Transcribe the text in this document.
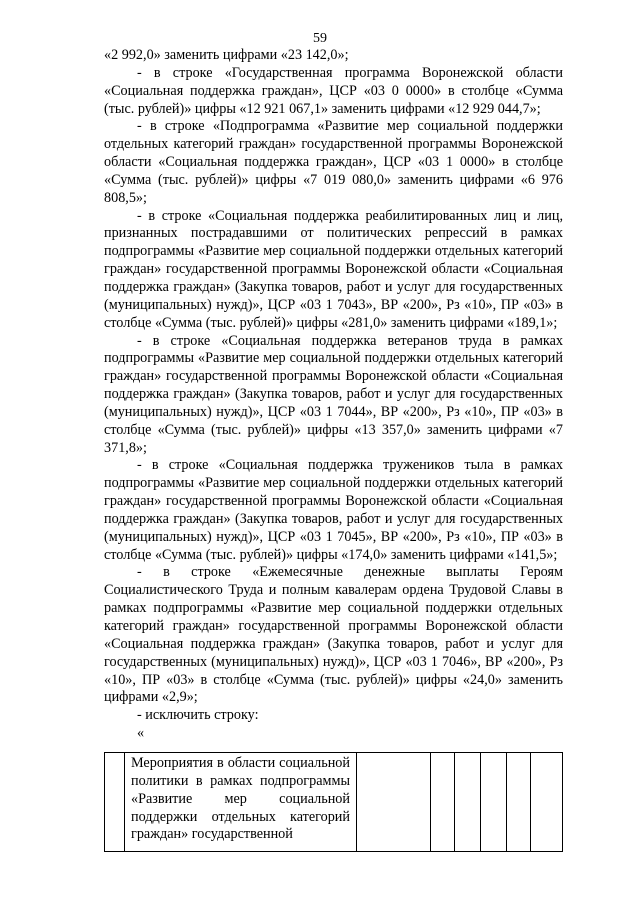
59

«2 992,0» заменить цифрами «23 142,0»;

- в строке «Государственная программа Воронежской области «Социальная поддержка граждан», ЦСР «03 0 0000» в столбце «Сумма (тыс. рублей)» цифры «12 921 067,1» заменить цифрами «12 929 044,7»;

- в строке «Подпрограмма «Развитие мер социальной поддержки отдельных категорий граждан» государственной программы Воронежской области «Социальная поддержка граждан», ЦСР «03 1 0000» в столбце «Сумма (тыс. рублей)» цифры «7 019 080,0» заменить цифрами «6 976 808,5»;

- в строке «Социальная поддержка реабилитированных лиц и лиц, признанных пострадавшими от политических репрессий в рамках подпрограммы «Развитие мер социальной поддержки отдельных категорий граждан» государственной программы Воронежской области «Социальная поддержка граждан» (Закупка товаров, работ и услуг для государственных (муниципальных) нужд)», ЦСР «03 1 7043», ВР «200», Рз «10», ПР «03» в столбце «Сумма (тыс. рублей)» цифры «281,0» заменить цифрами «189,1»;

- в строке «Социальная поддержка ветеранов труда в рамках подпрограммы «Развитие мер социальной поддержки отдельных категорий граждан» государственной программы Воронежской области «Социальная поддержка граждан» (Закупка товаров, работ и услуг для государственных (муниципальных) нужд)», ЦСР «03 1 7044», ВР «200», Рз «10», ПР «03» в столбце «Сумма (тыс. рублей)» цифры «13 357,0» заменить цифрами «7 371,8»;

- в строке «Социальная поддержка тружеников тыла в рамках подпрограммы «Развитие мер социальной поддержки отдельных категорий граждан» государственной программы Воронежской области «Социальная поддержка граждан» (Закупка товаров, работ и услуг для государственных (муниципальных) нужд)», ЦСР «03 1 7045», ВР «200», Рз «10», ПР «03» в столбце «Сумма (тыс. рублей)» цифры «174,0» заменить цифрами «141,5»;

- в строке «Ежемесячные денежные выплаты Героям Социалистического Труда и полным кавалерам ордена Трудовой Славы в рамках подпрограммы «Развитие мер социальной поддержки отдельных категорий граждан» государственной программы Воронежской области «Социальная поддержка граждан» (Закупка товаров, работ и услуг для государственных (муниципальных) нужд)», ЦСР «03 1 7046», ВР «200», Рз «10», ПР «03» в столбце «Сумма (тыс. рублей)» цифры «24,0» заменить цифрами «2,9»;

- исключить строку:

«

	Мероприятия в области социальной политики в рамках подпрограммы «Развитие мер социальной поддержки отдельных категорий граждан» государственной						
